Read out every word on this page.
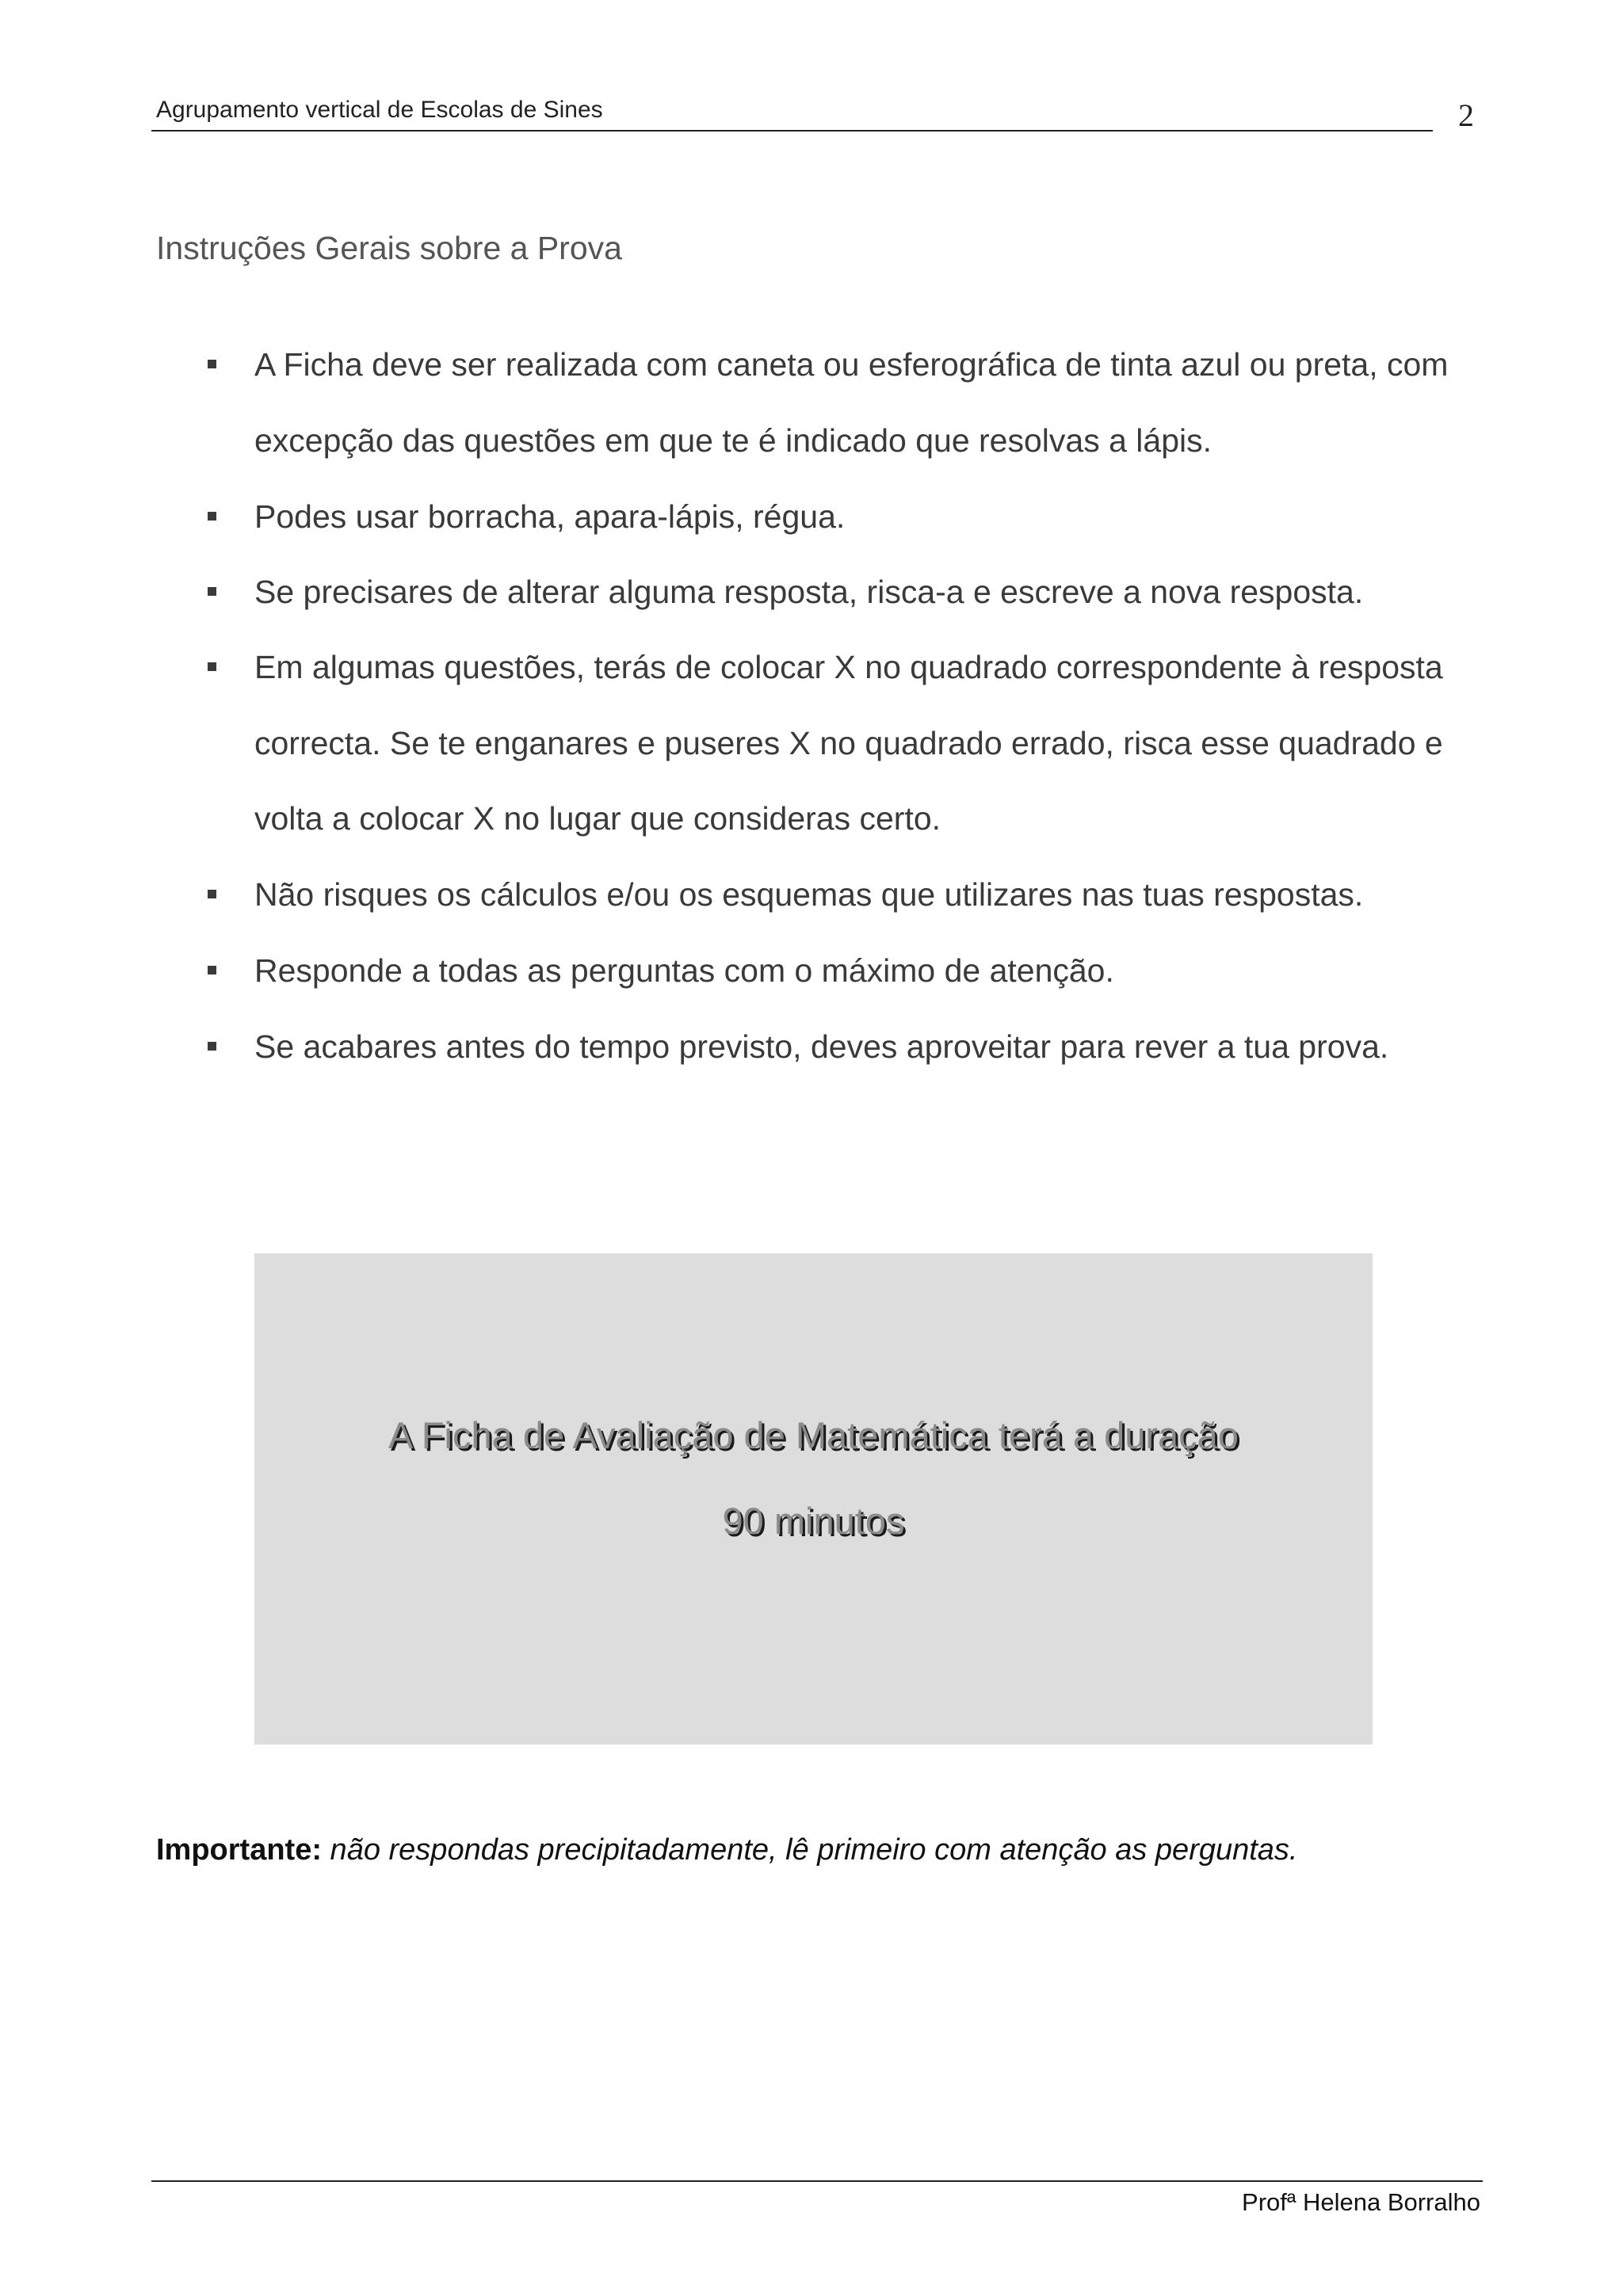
Agrupamento vertical de Escolas de Sines	2
Instruções Gerais sobre a Prova
A Ficha deve ser realizada com caneta ou esferográfica de tinta azul ou preta, com
excepção das questões em que te é indicado que resolvas a lápis.
Podes usar borracha, apara-lápis, régua.
Se precisares de alterar alguma resposta, risca-a e escreve a nova resposta.
Em algumas questões, terás de colocar X no quadrado correspondente à resposta
correcta. Se te enganares e puseres X no quadrado errado, risca esse quadrado e
volta a colocar X no lugar que consideras certo.
Não risques os cálculos e/ou os esquemas que utilizares nas tuas respostas.
Responde a todas as perguntas com o máximo de atenção.
Se acabares antes do tempo previsto, deves aproveitar para rever a tua prova.
A Ficha de Avaliação de Matemática terá a duração
90 minutos
Importante: não respondas precipitadamente, lê primeiro com atenção as perguntas.
Profª Helena Borralho
